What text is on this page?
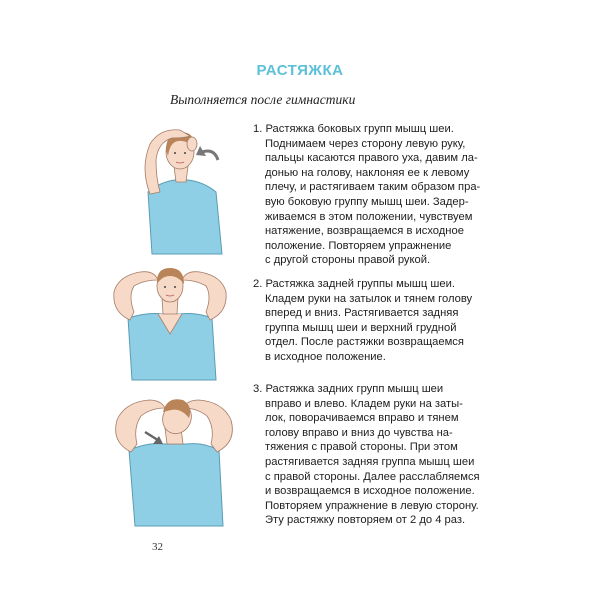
РАСТЯЖКА
Выполняется после гимнастики
1. Растяжка боковых групп мышц шеи.
Поднимаем через сторону левую руку,
пальцы касаются правого уха, давим ла-
донью на голову, наклоняя ее к левому
плечу, и растягиваем таким образом пра-
вую боковую группу мышц шеи. Задер-
живаемся в этом положении, чувствуем
натяжение, возвращаемся в исходное
положение. Повторяем упражнение
с другой стороны правой рукой.
2. Растяжка задней группы мышц шеи.
Кладем руки на затылок и тянем голову
вперед и вниз. Растягивается задняя
группа мышц шеи и верхний грудной
отдел. После растяжки возвращаемся
в исходное положение.
3. Растяжка задних групп мышц шеи
вправо и влево. Кладем руки на заты-
лок, поворачиваемся вправо и тянем
голову вправо и вниз до чувства на-
тяжения с правой стороны. При этом
растягивается задняя группа мышц шеи
с правой стороны. Далее расслабляемся
и возвращаемся в исходное положение.
Повторяем упражнение в левую сторону.
Эту растяжку повторяем от 2 до 4 раз.
32
